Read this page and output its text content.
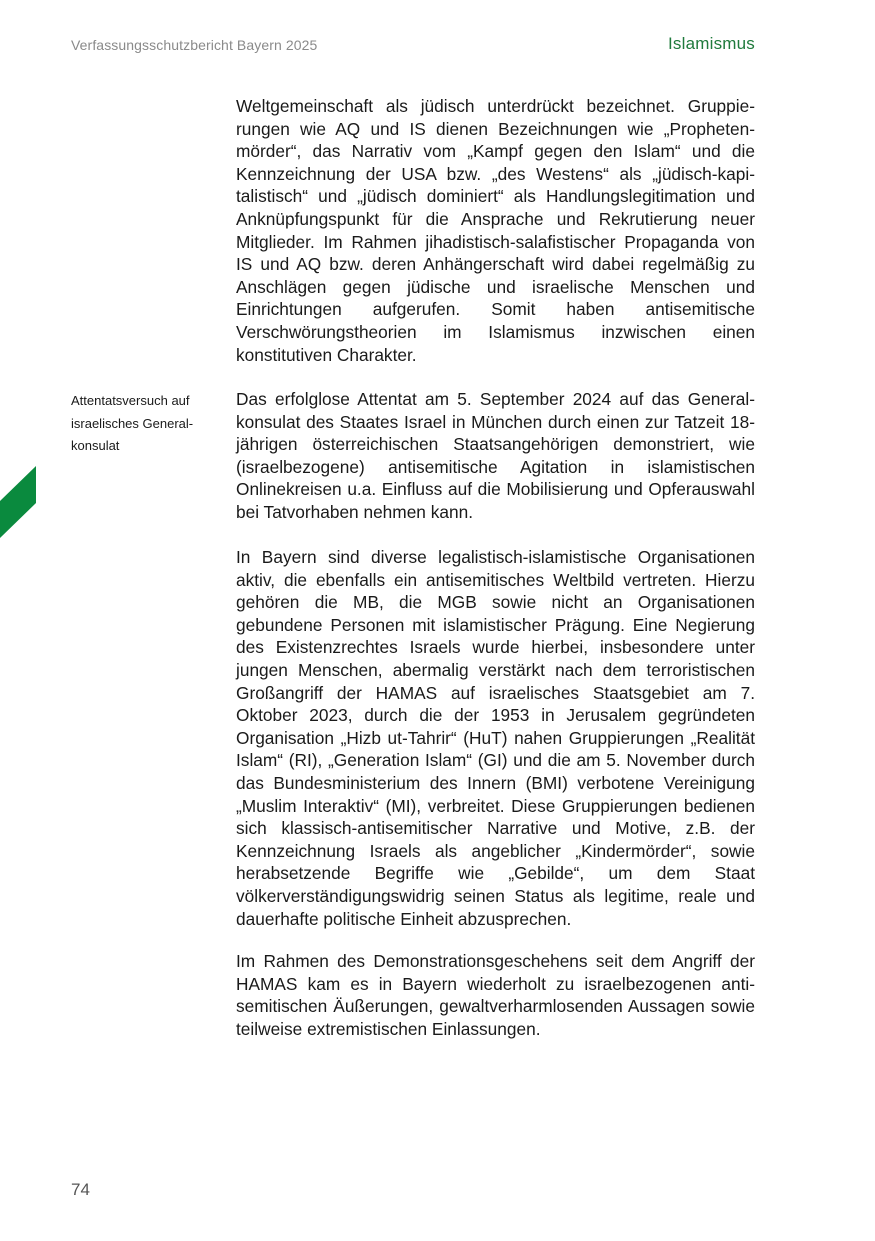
Verfassungsschutzbericht Bayern 2025	Islamismus
Attentatsversuch auf
israelisches General-
konsulat

Weltgemeinschaft als jüdisch unterdrückt bezeichnet. Gruppierungen wie AQ und IS dienen Bezeichnungen wie „Prophetenmörder“, das Narrativ vom „Kampf gegen den Islam“ und die Kennzeichnung der USA bzw. „des Westens“ als „jüdisch-kapitalistisch“ und „jüdisch dominiert“ als Handlungslegitimation und Anknüpfungspunkt für die Ansprache und Rekrutierung neuer Mitglieder. Im Rahmen jihadistisch-salafistischer Propaganda von IS und AQ bzw. deren Anhängerschaft wird dabei regelmäßig zu Anschlägen gegen jüdische und israelische Menschen und Einrichtungen aufgerufen. Somit haben antisemitische Verschwörungstheorien im Islamismus inzwischen einen konstitutiven Charakter.

Das erfolglose Attentat am 5. September 2024 auf das Generalkonsulat des Staates Israel in München durch einen zur Tatzeit 18-jährigen österreichischen Staatsangehörigen demonstriert, wie (israelbezogene) antisemitische Agitation in islamistischen Onlinekreisen u.a. Einfluss auf die Mobilisierung und Opferauswahl bei Tatvorhaben nehmen kann.

In Bayern sind diverse legalistisch-islamistische Organisationen aktiv, die ebenfalls ein antisemitisches Weltbild vertreten. Hierzu gehören die MB, die MGB sowie nicht an Organisationen gebundene Personen mit islamistischer Prägung. Eine Negierung des Existenzrechtes Israels wurde hierbei, insbesondere unter jungen Menschen, abermalig verstärkt nach dem terroristischen Großangriff der HAMAS auf israelisches Staatsgebiet am 7. Oktober 2023, durch die der 1953 in Jerusalem gegründeten Organisation „Hizb ut-Tahrir“ (HuT) nahen Gruppierungen „Realität Islam“ (RI), „Generation Islam“ (GI) und die am 5. November durch das Bundesministerium des Innern (BMI) verbotene Vereinigung „Muslim Interaktiv“ (MI), verbreitet. Diese Gruppierungen bedienen sich klassisch-antisemitischer Narrative und Motive, z.B. der Kennzeichnung Israels als angeblicher „Kindermörder“, sowie herabsetzende Begriffe wie „Gebilde“, um dem Staat völkerverständigungswidrig seinen Status als legitime, reale und dauerhafte politische Einheit abzusprechen.

Im Rahmen des Demonstrationsgeschehens seit dem Angriff der HAMAS kam es in Bayern wiederholt zu israelbezogenen antisemitischen Äußerungen, gewaltverharmlosenden Aussagen sowie teilweise extremistischen Einlassungen.

74
